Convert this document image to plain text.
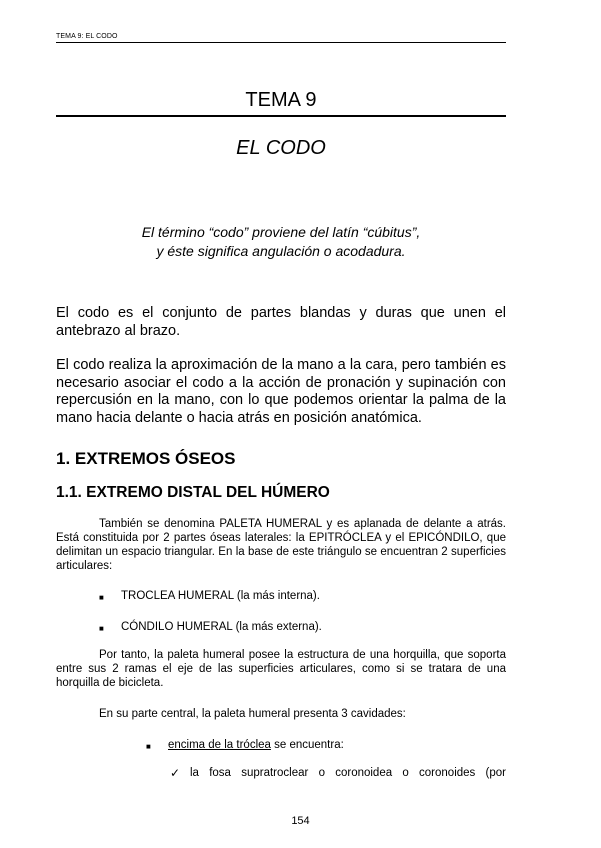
TEMA 9: EL CODO
TEMA 9
EL CODO
El término “codo” proviene del latín “cúbitus”,
y éste significa angulación o acodadura.
El codo es el conjunto de partes blandas y duras que unen el antebrazo al brazo.
El codo realiza la aproximación de la mano a la cara, pero también es necesario asociar el codo a la acción de pronación y supinación con repercusión en la mano, con lo que podemos orientar la palma de la mano hacia delante o hacia atrás en posición anatómica.
1. EXTREMOS ÓSEOS
1.1. EXTREMO DISTAL DEL HÚMERO
También se denomina PALETA HUMERAL y es aplanada de delante a atrás. Está constituida por 2 partes óseas laterales: la EPITRÓCLEA y el EPICÓNDILO, que delimitan un espacio triangular. En la base de este triángulo se encuentran 2 superficies articulares:
■ TROCLEA HUMERAL (la más interna).
■ CÓNDILO HUMERAL (la más externa).
Por tanto, la paleta humeral posee la estructura de una horquilla, que soporta entre sus 2 ramas el eje de las superficies articulares, como si se tratara de una horquilla de bicicleta.
En su parte central, la paleta humeral presenta 3 cavidades:
■ encima de la tróclea se encuentra:
✓ la fosa supratroclear o coronoidea o coronoides (por
154
